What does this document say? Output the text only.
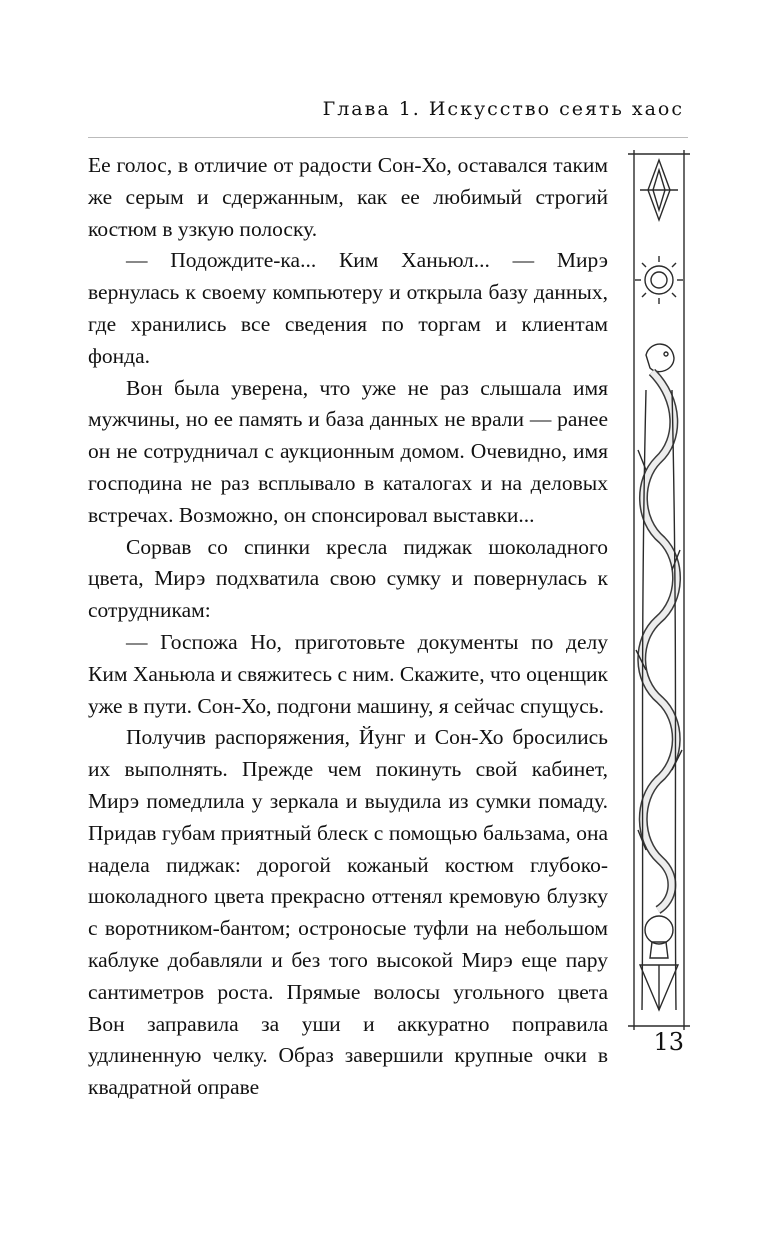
Глава 1. Искусство сеять хаос

Ее голос, в отличие от радости Сон-Хо, оставался таким же серым и сдержанным, как ее любимый строгий костюм в узкую полоску.

— Подождите-ка... Ким Ханьюл... — Мирэ вернулась к своему компьютеру и открыла базу данных, где хранились все сведения по торгам и клиентам фонда.

Вон была уверена, что уже не раз слышала имя мужчины, но ее память и база данных не врали — ранее он не сотрудничал с аукционным домом. Очевидно, имя господина не раз всплывало в каталогах и на деловых встречах. Возможно, он спонсировал выставки...

Сорвав со спинки кресла пиджак шоколадного цвета, Мирэ подхватила свою сумку и повернулась к сотрудникам:

— Госпожа Но, приготовьте документы по делу Ким Ханьюла и свяжитесь с ним. Скажите, что оценщик уже в пути. Сон-Хо, подгони машину, я сейчас спущусь.

Получив распоряжения, Йунг и Сон-Хо бросились их выполнять. Прежде чем покинуть свой кабинет, Мирэ помедлила у зеркала и выудила из сумки помаду. Придав губам приятный блеск с помощью бальзама, она надела пиджак: дорогой кожаный костюм глубоко-шоколадного цвета прекрасно оттенял кремовую блузку с воротником-бантом; остроносые туфли на небольшом каблуке добавляли и без того высокой Мирэ еще пару сантиметров роста. Прямые волосы угольного цвета Вон заправила за уши и аккуратно поправила удлиненную челку. Образ завершили крупные очки в квадратной оправе

13
